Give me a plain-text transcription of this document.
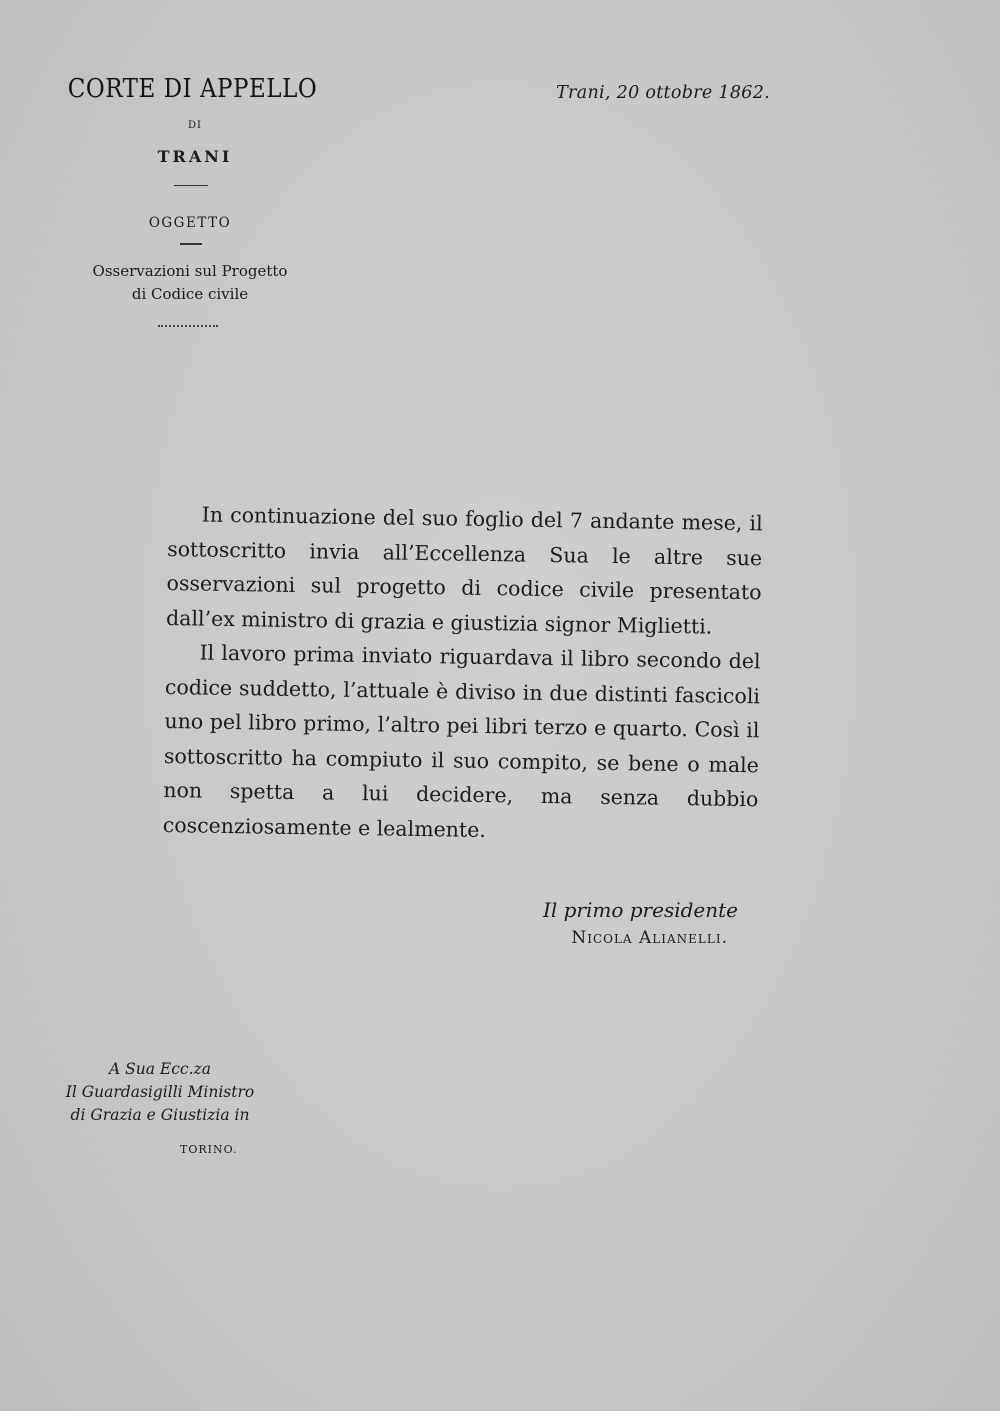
CORTE DI APPELLO
DI
TRANI
OGGETTO
Osservazioni sul Progetto
di Codice civile
Trani, 20 ottobre 1862.

In continuazione del suo foglio del 7 andante mese, il sottoscritto invia all’Eccellenza Sua le altre sue osservazioni sul progetto di codice civile presentato dall’ex ministro di grazia e giustizia signor Miglietti.

Il lavoro prima inviato riguardava il libro secondo del codice suddetto, l’attuale è diviso in due distinti fascicoli uno pel libro primo, l’altro pei libri terzo e quarto. Così il sottoscritto ha compiuto il suo compito, se bene o male non spetta a lui decidere, ma senza dubbio coscenziosamente e lealmente.

Il primo presidente
Nicola Alianelli.
A Sua Ecc.za
Il Guardasigilli Ministro
di Grazia e Giustizia in
TORINO.
